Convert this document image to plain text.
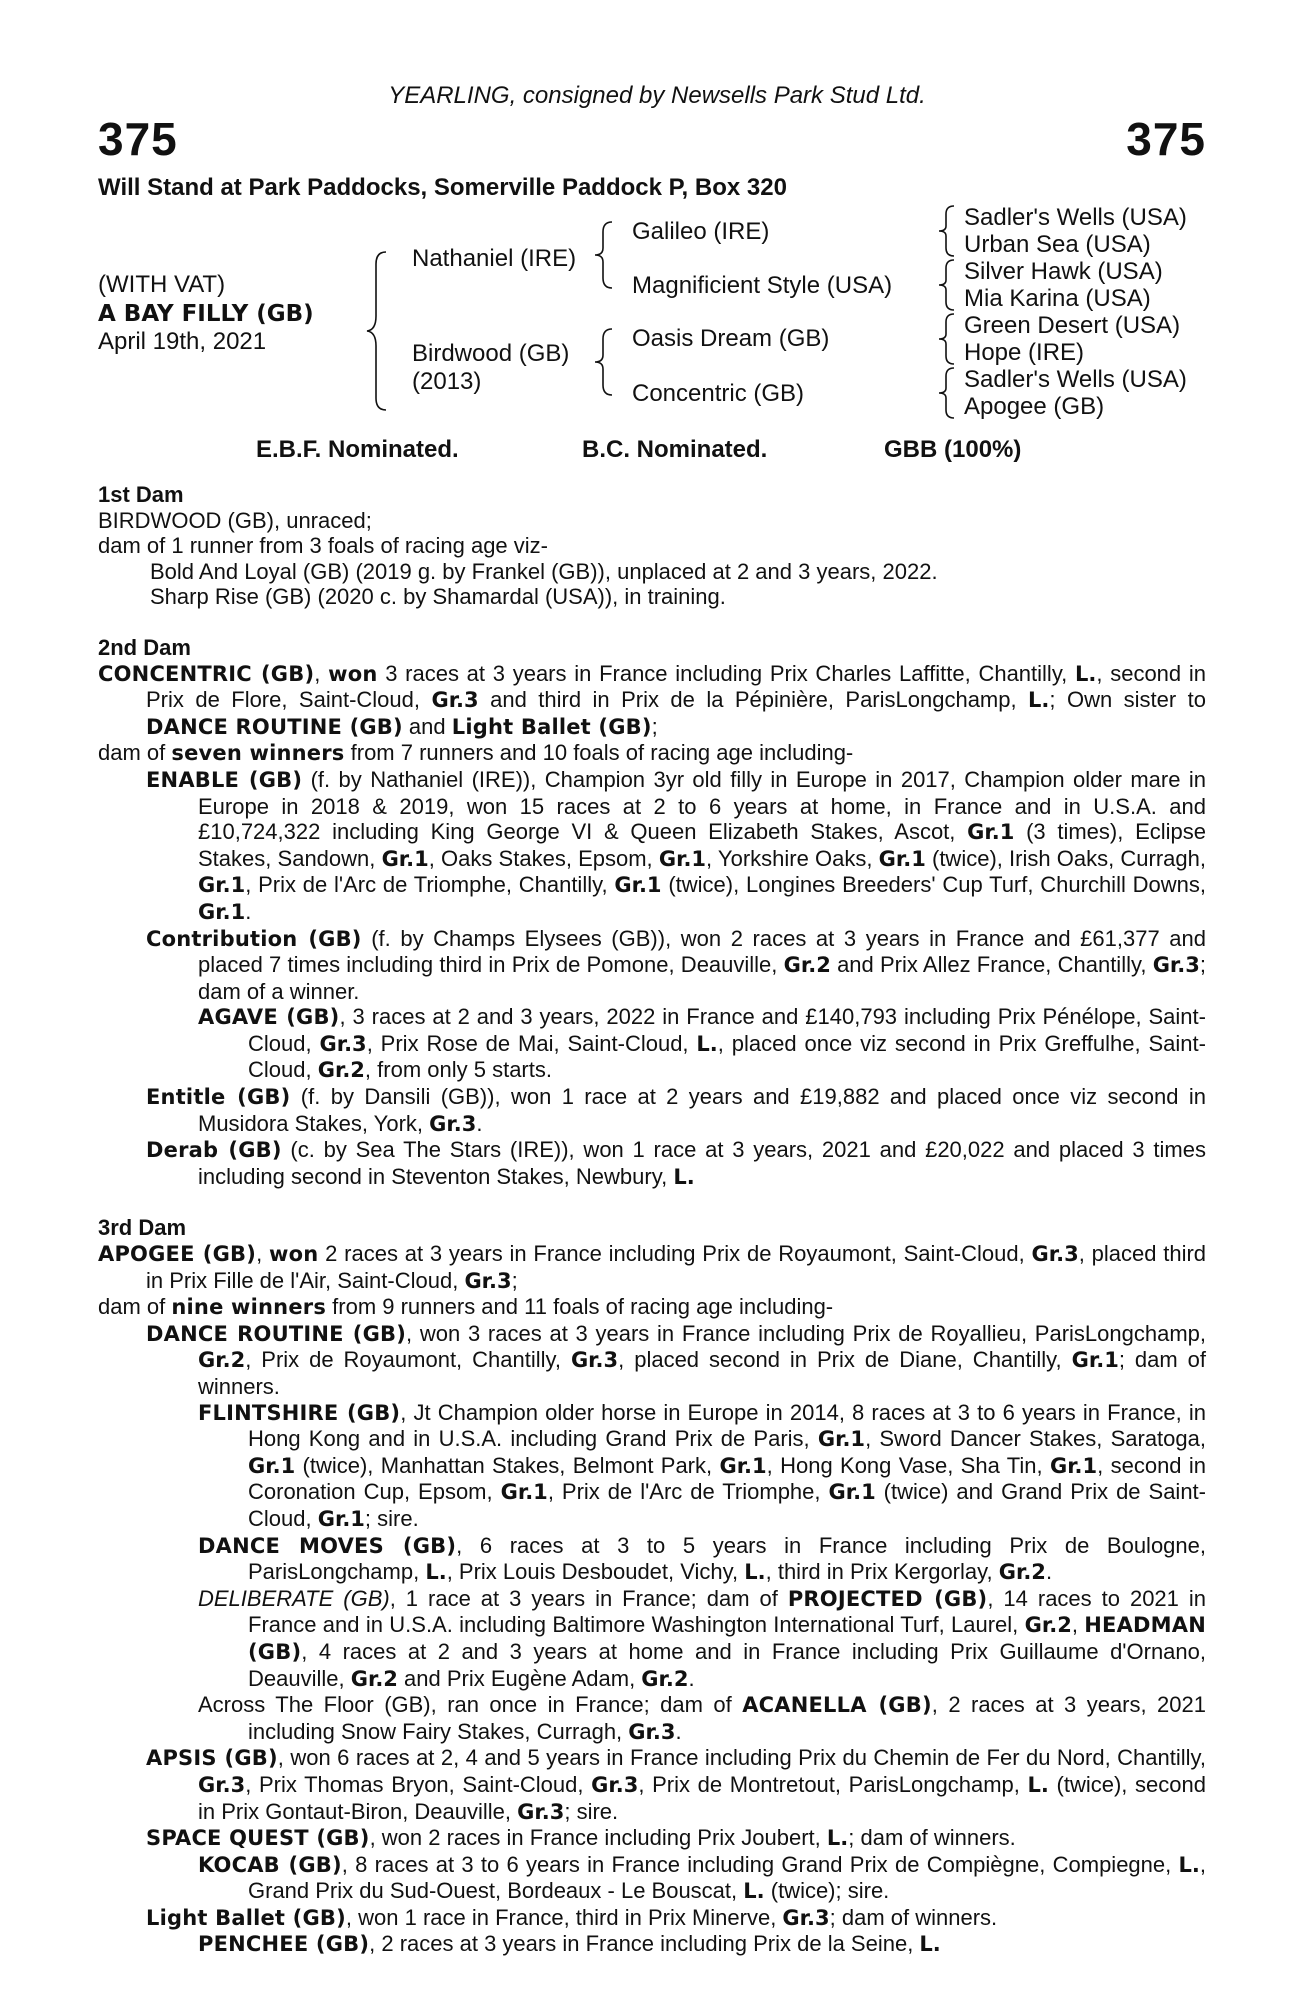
YEARLING, consigned by Newsells Park Stud Ltd.
375	375
Will Stand at Park Paddocks, Somerville Paddock P, Box 320
(WITH VAT)
A BAY FILLY (GB)
April 19th, 2021
Nathaniel (IRE)
Birdwood (GB)
(2013)
Galileo (IRE)
Magnificient Style (USA)
Oasis Dream (GB)
Concentric (GB)
Sadler's Wells (USA)
Urban Sea (USA)
Silver Hawk (USA)
Mia Karina (USA)
Green Desert (USA)
Hope (IRE)
Sadler's Wells (USA)
Apogee (GB)
E.B.F. Nominated.	B.C. Nominated.	GBB (100%)
1st Dam

BIRDWOOD (GB), unraced;

dam of 1 runner from 3 foals of racing age viz-

Bold And Loyal (GB) (2019 g. by Frankel (GB)), unplaced at 2 and 3 years, 2022.

Sharp Rise (GB) (2020 c. by Shamardal (USA)), in training.

2nd Dam

CONCENTRIC (GB), won 3 races at 3 years in France including Prix Charles Laffitte, Chantilly, L., second in Prix de Flore, Saint-Cloud, Gr.3 and third in Prix de la Pépinière, ParisLongchamp, L.; Own sister to DANCE ROUTINE (GB) and Light Ballet (GB);

dam of seven winners from 7 runners and 10 foals of racing age including-

ENABLE (GB) (f. by Nathaniel (IRE)), Champion 3yr old filly in Europe in 2017, Champion older mare in Europe in 2018 & 2019, won 15 races at 2 to 6 years at home, in France and in U.S.A. and £10,724,322 including King George VI & Queen Elizabeth Stakes, Ascot, Gr.1 (3 times), Eclipse Stakes, Sandown, Gr.1, Oaks Stakes, Epsom, Gr.1, Yorkshire Oaks, Gr.1 (twice), Irish Oaks, Curragh, Gr.1, Prix de l'Arc de Triomphe, Chantilly, Gr.1 (twice), Longines Breeders' Cup Turf, Churchill Downs, Gr.1.

Contribution (GB) (f. by Champs Elysees (GB)), won 2 races at 3 years in France and £61,377 and placed 7 times including third in Prix de Pomone, Deauville, Gr.2 and Prix Allez France, Chantilly, Gr.3; dam of a winner.

AGAVE (GB), 3 races at 2 and 3 years, 2022 in France and £140,793 including Prix Pénélope, Saint-Cloud, Gr.3, Prix Rose de Mai, Saint-Cloud, L., placed once viz second in Prix Greffulhe, Saint-Cloud, Gr.2, from only 5 starts.

Entitle (GB) (f. by Dansili (GB)), won 1 race at 2 years and £19,882 and placed once viz second in Musidora Stakes, York, Gr.3.

Derab (GB) (c. by Sea The Stars (IRE)), won 1 race at 3 years, 2021 and £20,022 and placed 3 times including second in Steventon Stakes, Newbury, L.

3rd Dam

APOGEE (GB), won 2 races at 3 years in France including Prix de Royaumont, Saint-Cloud, Gr.3, placed third in Prix Fille de l'Air, Saint-Cloud, Gr.3;

dam of nine winners from 9 runners and 11 foals of racing age including-

DANCE ROUTINE (GB), won 3 races at 3 years in France including Prix de Royallieu, ParisLongchamp, Gr.2, Prix de Royaumont, Chantilly, Gr.3, placed second in Prix de Diane, Chantilly, Gr.1; dam of winners.

FLINTSHIRE (GB), Jt Champion older horse in Europe in 2014, 8 races at 3 to 6 years in France, in Hong Kong and in U.S.A. including Grand Prix de Paris, Gr.1, Sword Dancer Stakes, Saratoga, Gr.1 (twice), Manhattan Stakes, Belmont Park, Gr.1, Hong Kong Vase, Sha Tin, Gr.1, second in Coronation Cup, Epsom, Gr.1, Prix de l'Arc de Triomphe, Gr.1 (twice) and Grand Prix de Saint-Cloud, Gr.1; sire.

DANCE MOVES (GB), 6 races at 3 to 5 years in France including Prix de Boulogne, ParisLongchamp, L., Prix Louis Desboudet, Vichy, L., third in Prix Kergorlay, Gr.2.

DELIBERATE (GB), 1 race at 3 years in France; dam of PROJECTED (GB), 14 races to 2021 in France and in U.S.A. including Baltimore Washington International Turf, Laurel, Gr.2, HEADMAN (GB), 4 races at 2 and 3 years at home and in France including Prix Guillaume d'Ornano, Deauville, Gr.2 and Prix Eugène Adam, Gr.2.

Across The Floor (GB), ran once in France; dam of ACANELLA (GB), 2 races at 3 years, 2021 including Snow Fairy Stakes, Curragh, Gr.3.

APSIS (GB), won 6 races at 2, 4 and 5 years in France including Prix du Chemin de Fer du Nord, Chantilly, Gr.3, Prix Thomas Bryon, Saint-Cloud, Gr.3, Prix de Montretout, ParisLongchamp, L. (twice), second in Prix Gontaut-Biron, Deauville, Gr.3; sire.

SPACE QUEST (GB), won 2 races in France including Prix Joubert, L.; dam of winners.

KOCAB (GB), 8 races at 3 to 6 years in France including Grand Prix de Compiègne, Compiegne, L., Grand Prix du Sud-Ouest, Bordeaux - Le Bouscat, L. (twice); sire.

Light Ballet (GB), won 1 race in France, third in Prix Minerve, Gr.3; dam of winners.

PENCHEE (GB), 2 races at 3 years in France including Prix de la Seine, L.
